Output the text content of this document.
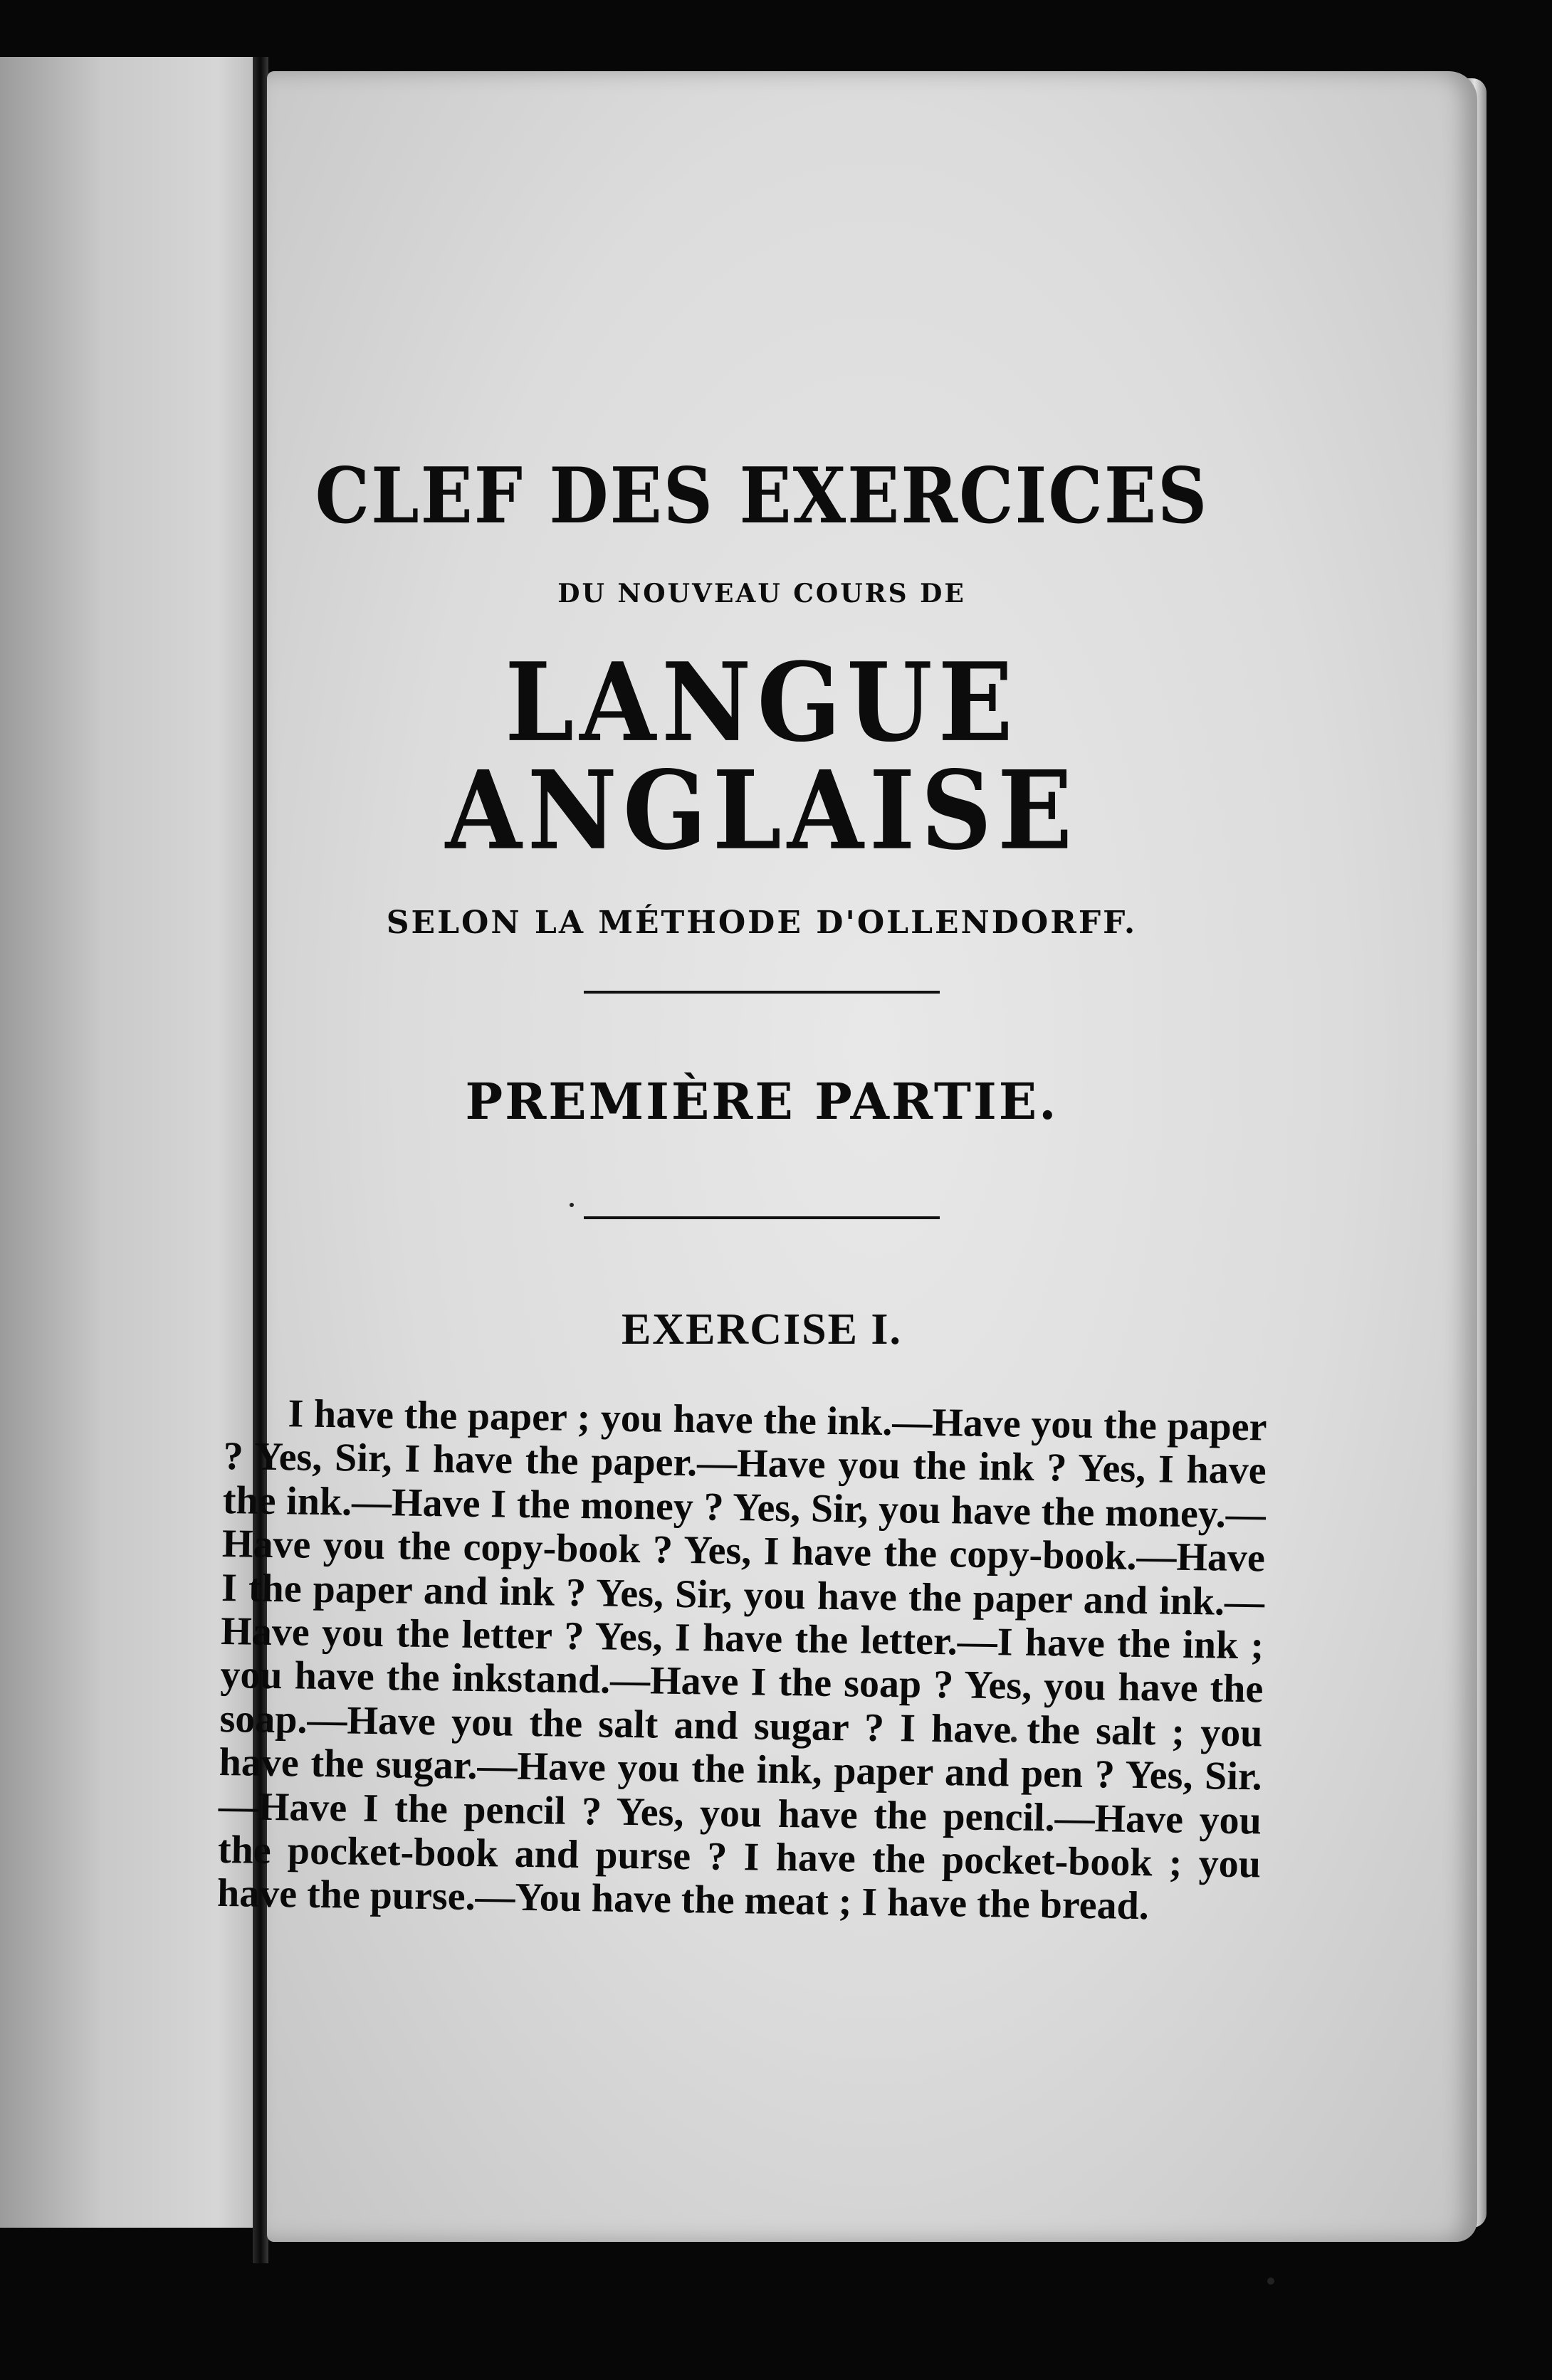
CLEF DES EXERCICES
DU NOUVEAU COURS DE
LANGUE ANGLAISE
SELON LA MÉTHODE D'OLLENDORFF.
PREMIÈRE PARTIE.
EXERCISE I.
I have the paper ; you have the ink.—Have you the paper ? Yes, Sir, I have the paper.—Have you the ink ? Yes, I have the ink.—Have I the money ? Yes, Sir, you have the money.—Have you the copy-book ? Yes, I have the copy-book.—Have I the paper and ink ? Yes, Sir, you have the paper and ink.—Have you the letter ? Yes, I have the letter.—I have the ink ; you have the inkstand.—Have I the soap ? Yes, you have the soap.—Have you the salt and sugar ? I have the salt ; you have the sugar.—Have you the ink, paper and pen ? Yes, Sir.—Have I the pencil ? Yes, you have the pencil.—Have you the pocket-book and purse ? I have the pocket-book ; you have the purse.—You have the meat ; I have the bread.
